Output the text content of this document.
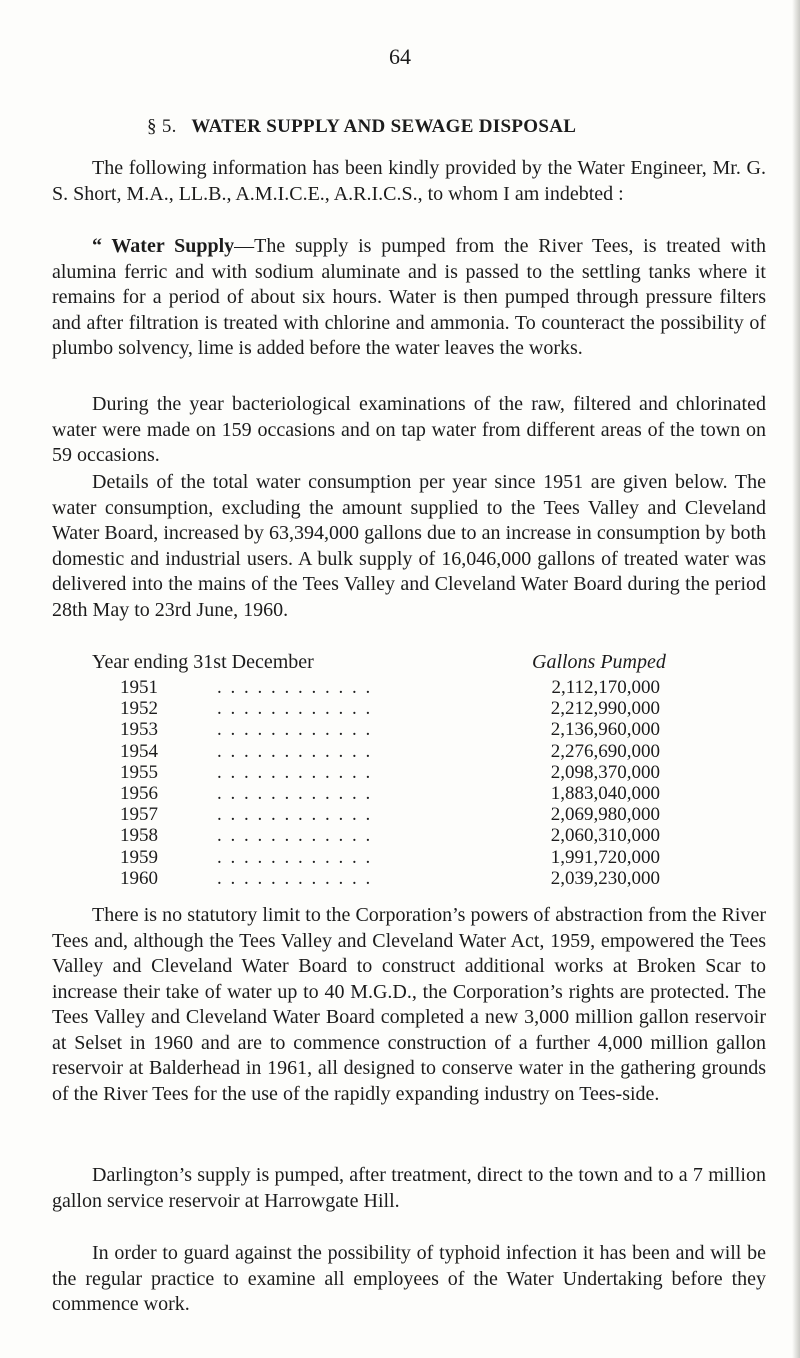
64
§ 5. WATER SUPPLY AND SEWAGE DISPOSAL

The following information has been kindly provided by the Water Engineer, Mr. G. S. Short, M.A., LL.B., A.M.I.C.E., A.R.I.C.S., to whom I am indebted :

“ Water Supply—The supply is pumped from the River Tees, is treated with alumina ferric and with sodium aluminate and is passed to the settling tanks where it remains for a period of about six hours. Water is then pumped through pressure filters and after filtration is treated with chlorine and ammonia. To counteract the possibility of plumbo solvency, lime is added before the water leaves the works.

During the year bacteriological examinations of the raw, filtered and chlorinated water were made on 159 occasions and on tap water from different areas of the town on 59 occasions.

Details of the total water consumption per year since 1951 are given below. The water consumption, excluding the amount supplied to the Tees Valley and Cleveland Water Board, increased by 63,394,000 gallons due to an increase in consumption by both domestic and industrial users. A bulk supply of 16,046,000 gallons of treated water was delivered into the mains of the Tees Valley and Cleveland Water Board during the period 28th May to 23rd June, 1960.

Year ending 31st December	Gallons Pumped
1951	. . . . . . . . . . . .	2,112,170,000
1952	. . . . . . . . . . . .	2,212,990,000
1953	. . . . . . . . . . . .	2,136,960,000
1954	. . . . . . . . . . . .	2,276,690,000
1955	. . . . . . . . . . . .	2,098,370,000
1956	. . . . . . . . . . . .	1,883,040,000
1957	. . . . . . . . . . . .	2,069,980,000
1958	. . . . . . . . . . . .	2,060,310,000
1959	. . . . . . . . . . . .	1,991,720,000
1960	. . . . . . . . . . . .	2,039,230,000

There is no statutory limit to the Corporation’s powers of abstraction from the River Tees and, although the Tees Valley and Cleveland Water Act, 1959, empowered the Tees Valley and Cleveland Water Board to construct additional works at Broken Scar to increase their take of water up to 40 M.G.D., the Corporation’s rights are protected. The Tees Valley and Cleveland Water Board completed a new 3,000 million gallon reservoir at Selset in 1960 and are to commence construction of a further 4,000 million gallon reservoir at Balderhead in 1961, all designed to conserve water in the gathering grounds of the River Tees for the use of the rapidly expanding industry on Tees-side.

Darlington’s supply is pumped, after treatment, direct to the town and to a 7 million gallon service reservoir at Harrowgate Hill.

In order to guard against the possibility of typhoid infection it has been and will be the regular practice to examine all employees of the Water Undertaking before they commence work.
